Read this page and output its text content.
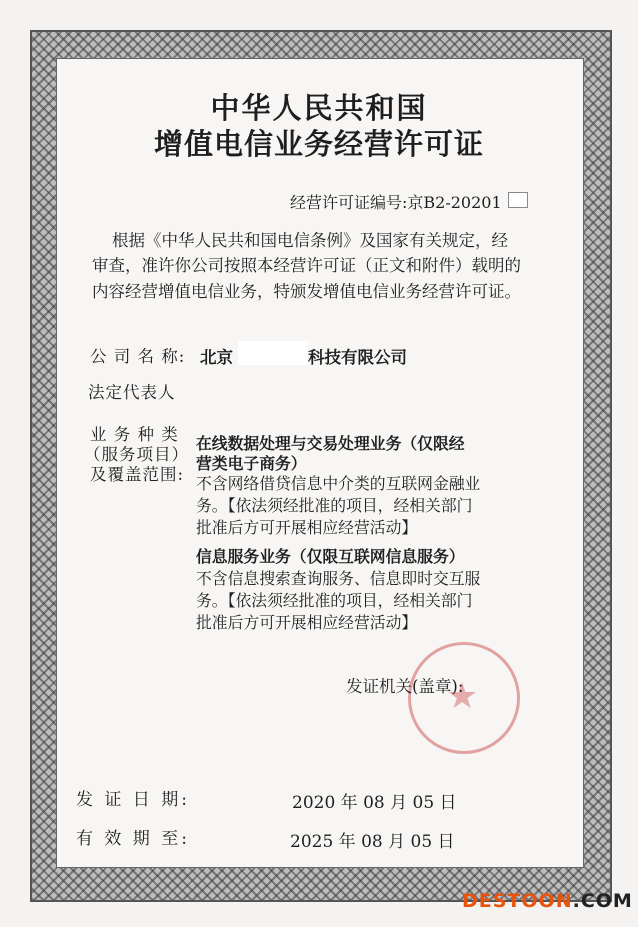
中华人民共和国
增值电信业务经营许可证
经营许可证编号:京B2-20201
根据《中华人民共和国电信条例》及国家有关规定，经
审查，准许你公司按照本经营许可证（正文和附件）载明的
内容经营增值电信业务，特颁发增值电信业务经营许可证。
公 司 名 称: 北京	科技有限公司
法定代表人
业 务 种 类
（服务项目）
及覆盖范围:
在线数据处理与交易处理业务（仅限经
营类电子商务）
不含网络借贷信息中介类的互联网金融业
务。【依法须经批准的项目，经相关部门
批准后方可开展相应经营活动】
信息服务业务（仅限互联网信息服务）
不含信息搜索查询服务、信息即时交互服
务。【依法须经批准的项目，经相关部门
批准后方可开展相应经营活动】
★
发证机关(盖章):
发 证 日 期:	2020 年 08 月 05 日
有 效 期 至:	2025 年 08 月 05 日
DESTOON.COM
